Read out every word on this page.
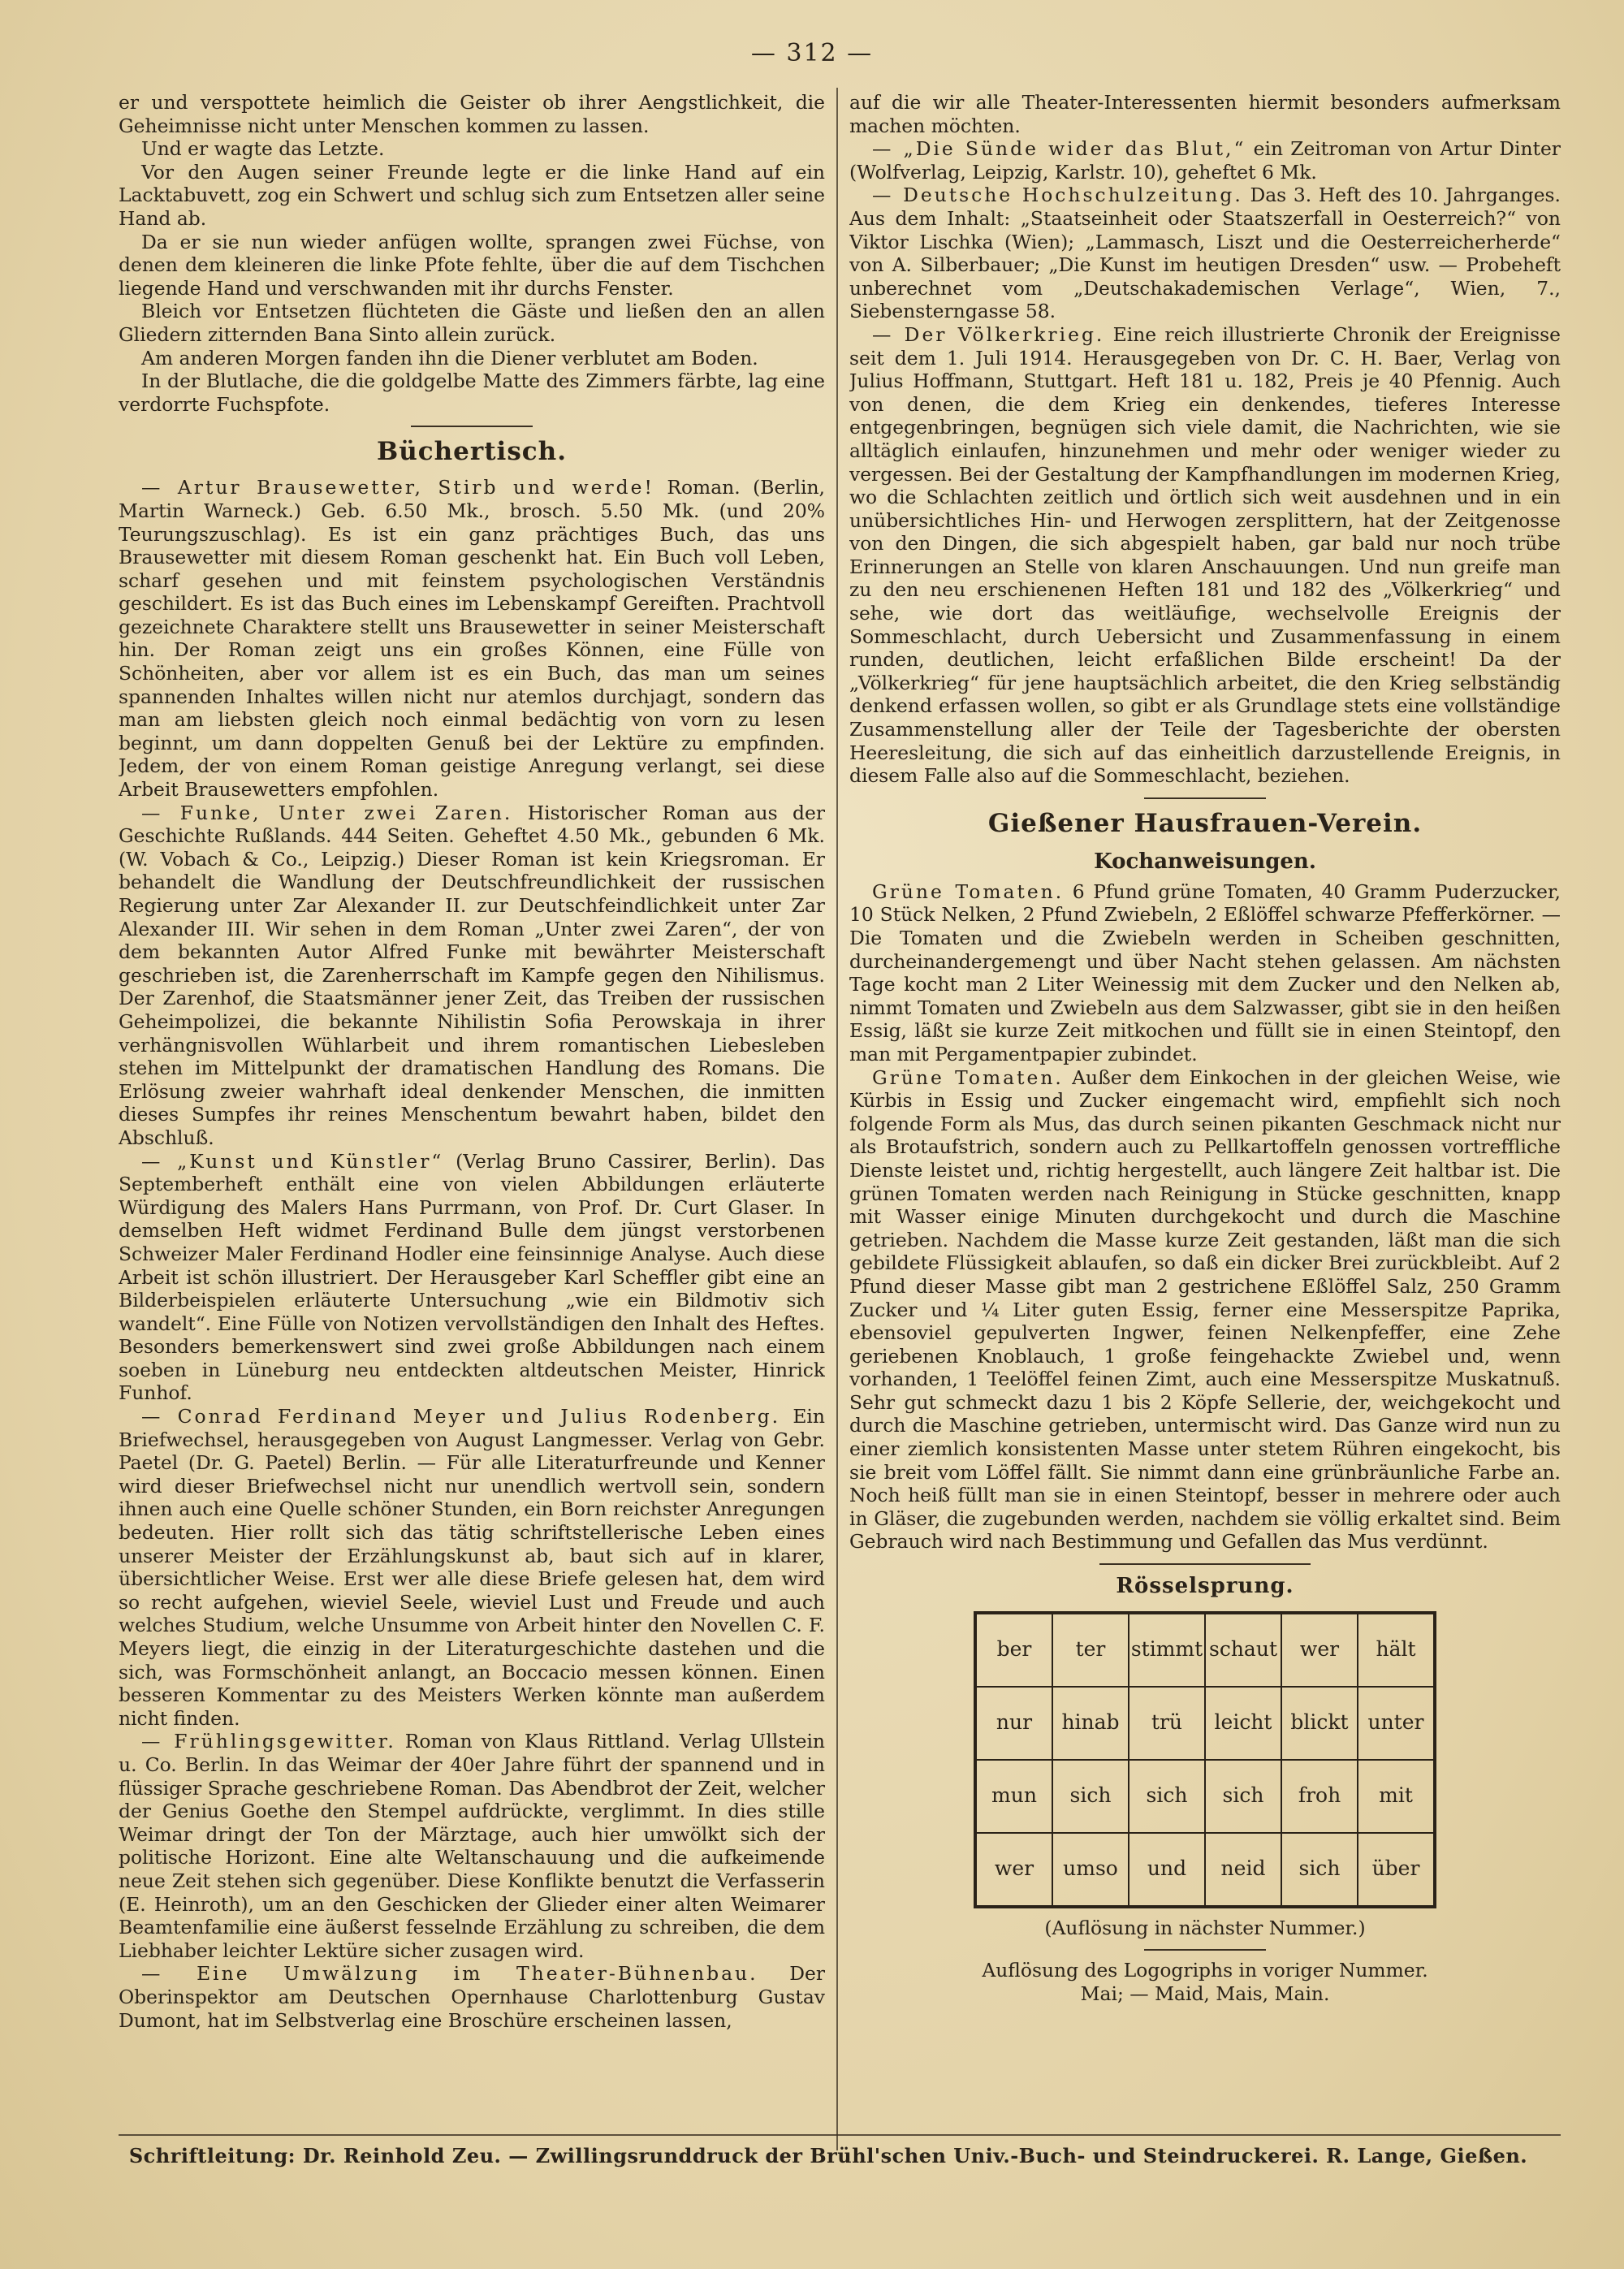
— 312 —

er und verspottete heimlich die Geister ob ihrer Aengstlichkeit, die Geheimnisse nicht unter Menschen kommen zu lassen.

Und er wagte das Letzte.

Vor den Augen seiner Freunde legte er die linke Hand auf ein Lacktabuvett, zog ein Schwert und schlug sich zum Entsetzen aller seine Hand ab.

Da er sie nun wieder anfügen wollte, sprangen zwei Füchse, von denen dem kleineren die linke Pfote fehlte, über die auf dem Tischchen liegende Hand und verschwanden mit ihr durchs Fenster.

Bleich vor Entsetzen flüchteten die Gäste und ließen den an allen Gliedern zitternden Bana Sinto allein zurück.

Am anderen Morgen fanden ihn die Diener verblutet am Boden.

In der Blutlache, die die goldgelbe Matte des Zimmers färbte, lag eine verdorrte Fuchspfote.

Büchertisch.

— Artur Brausewetter, Stirb und werde! Roman. (Berlin, Martin Warneck.) Geb. 6.50 Mk., brosch. 5.50 Mk. (und 20% Teurungszuschlag). Es ist ein ganz prächtiges Buch, das uns Brausewetter mit diesem Roman geschenkt hat. Ein Buch voll Leben, scharf gesehen und mit feinstem psychologischen Verständnis geschildert. Es ist das Buch eines im Lebenskampf Gereiften. Prachtvoll gezeichnete Charaktere stellt uns Brausewetter in seiner Meisterschaft hin. Der Roman zeigt uns ein großes Können, eine Fülle von Schönheiten, aber vor allem ist es ein Buch, das man um seines spannenden Inhaltes willen nicht nur atemlos durchjagt, sondern das man am liebsten gleich noch einmal bedächtig von vorn zu lesen beginnt, um dann doppelten Genuß bei der Lektüre zu empfinden. Jedem, der von einem Roman geistige Anregung verlangt, sei diese Arbeit Brausewetters empfohlen.

— Funke, Unter zwei Zaren. Historischer Roman aus der Geschichte Rußlands. 444 Seiten. Geheftet 4.50 Mk., gebunden 6 Mk. (W. Vobach & Co., Leipzig.) Dieser Roman ist kein Kriegsroman. Er behandelt die Wandlung der Deutschfreundlichkeit der russischen Regierung unter Zar Alexander II. zur Deutschfeindlichkeit unter Zar Alexander III. Wir sehen in dem Roman „Unter zwei Zaren“, der von dem bekannten Autor Alfred Funke mit bewährter Meisterschaft geschrieben ist, die Zarenherrschaft im Kampfe gegen den Nihilismus. Der Zarenhof, die Staatsmänner jener Zeit, das Treiben der russischen Geheimpolizei, die bekannte Nihilistin Sofia Perowskaja in ihrer verhängnisvollen Wühlarbeit und ihrem romantischen Liebesleben stehen im Mittelpunkt der dramatischen Handlung des Romans. Die Erlösung zweier wahrhaft ideal denkender Menschen, die inmitten dieses Sumpfes ihr reines Menschentum bewahrt haben, bildet den Abschluß.

— „Kunst und Künstler“ (Verlag Bruno Cassirer, Berlin). Das Septemberheft enthält eine von vielen Abbildungen erläuterte Würdigung des Malers Hans Purrmann, von Prof. Dr. Curt Glaser. In demselben Heft widmet Ferdinand Bulle dem jüngst verstorbenen Schweizer Maler Ferdinand Hodler eine feinsinnige Analyse. Auch diese Arbeit ist schön illustriert. Der Herausgeber Karl Scheffler gibt eine an Bilderbeispielen erläuterte Untersuchung „wie ein Bildmotiv sich wandelt“. Eine Fülle von Notizen vervollständigen den Inhalt des Heftes. Besonders bemerkenswert sind zwei große Abbildungen nach einem soeben in Lüneburg neu entdeckten altdeutschen Meister, Hinrick Funhof.

— Conrad Ferdinand Meyer und Julius Rodenberg. Ein Briefwechsel, herausgegeben von August Langmesser. Verlag von Gebr. Paetel (Dr. G. Paetel) Berlin. — Für alle Literaturfreunde und Kenner wird dieser Briefwechsel nicht nur unendlich wertvoll sein, sondern ihnen auch eine Quelle schöner Stunden, ein Born reichster Anregungen bedeuten. Hier rollt sich das tätig schriftstellerische Leben eines unserer Meister der Erzählungskunst ab, baut sich auf in klarer, übersichtlicher Weise. Erst wer alle diese Briefe gelesen hat, dem wird so recht aufgehen, wieviel Seele, wieviel Lust und Freude und auch welches Studium, welche Unsumme von Arbeit hinter den Novellen C. F. Meyers liegt, die einzig in der Literaturgeschichte dastehen und die sich, was Formschönheit anlangt, an Boccacio messen können. Einen besseren Kommentar zu des Meisters Werken könnte man außerdem nicht finden.

— Frühlingsgewitter. Roman von Klaus Rittland. Verlag Ullstein u. Co. Berlin. In das Weimar der 40er Jahre führt der spannend und in flüssiger Sprache geschriebene Roman. Das Abendbrot der Zeit, welcher der Genius Goethe den Stempel aufdrückte, verglimmt. In dies stille Weimar dringt der Ton der Märztage, auch hier umwölkt sich der politische Horizont. Eine alte Weltanschauung und die aufkeimende neue Zeit stehen sich gegenüber. Diese Konflikte benutzt die Verfasserin (E. Heinroth), um an den Geschicken der Glieder einer alten Weimarer Beamtenfamilie eine äußerst fesselnde Erzählung zu schreiben, die dem Liebhaber leichter Lektüre sicher zusagen wird.

— Eine Umwälzung im Theater-Bühnenbau. Der Oberinspektor am Deutschen Opernhause Charlottenburg Gustav Dumont, hat im Selbstverlag eine Broschüre erscheinen lassen,

auf die wir alle Theater-Interessenten hiermit besonders aufmerksam machen möchten.

— „Die Sünde wider das Blut,“ ein Zeitroman von Artur Dinter (Wolfverlag, Leipzig, Karlstr. 10), geheftet 6 Mk.

— Deutsche Hochschulzeitung. Das 3. Heft des 10. Jahrganges. Aus dem Inhalt: „Staatseinheit oder Staatszerfall in Oesterreich?“ von Viktor Lischka (Wien); „Lammasch, Liszt und die Oesterreicherherde“ von A. Silberbauer; „Die Kunst im heutigen Dresden“ usw. — Probeheft unberechnet vom „Deutschakademischen Verlage“, Wien, 7., Siebensterngasse 58.

— Der Völkerkrieg. Eine reich illustrierte Chronik der Ereignisse seit dem 1. Juli 1914. Herausgegeben von Dr. C. H. Baer, Verlag von Julius Hoffmann, Stuttgart. Heft 181 u. 182, Preis je 40 Pfennig. Auch von denen, die dem Krieg ein denkendes, tieferes Interesse entgegenbringen, begnügen sich viele damit, die Nachrichten, wie sie alltäglich einlaufen, hinzunehmen und mehr oder weniger wieder zu vergessen. Bei der Gestaltung der Kampfhandlungen im modernen Krieg, wo die Schlachten zeitlich und örtlich sich weit ausdehnen und in ein unübersichtliches Hin- und Herwogen zersplittern, hat der Zeitgenosse von den Dingen, die sich abgespielt haben, gar bald nur noch trübe Erinnerungen an Stelle von klaren Anschauungen. Und nun greife man zu den neu erschienenen Heften 181 und 182 des „Völkerkrieg“ und sehe, wie dort das weitläufige, wechselvolle Ereignis der Sommeschlacht, durch Uebersicht und Zusammenfassung in einem runden, deutlichen, leicht erfaßlichen Bilde erscheint! Da der „Völkerkrieg“ für jene hauptsächlich arbeitet, die den Krieg selbständig denkend erfassen wollen, so gibt er als Grundlage stets eine vollständige Zusammenstellung aller der Teile der Tagesberichte der obersten Heeresleitung, die sich auf das einheitlich darzustellende Ereignis, in diesem Falle also auf die Sommeschlacht, beziehen.

Gießener Hausfrauen-Verein.
Kochanweisungen.

Grüne Tomaten. 6 Pfund grüne Tomaten, 40 Gramm Puderzucker, 10 Stück Nelken, 2 Pfund Zwiebeln, 2 Eßlöffel schwarze Pfefferkörner. — Die Tomaten und die Zwiebeln werden in Scheiben geschnitten, durcheinandergemengt und über Nacht stehen gelassen. Am nächsten Tage kocht man 2 Liter Weinessig mit dem Zucker und den Nelken ab, nimmt Tomaten und Zwiebeln aus dem Salzwasser, gibt sie in den heißen Essig, läßt sie kurze Zeit mitkochen und füllt sie in einen Steintopf, den man mit Pergamentpapier zubindet.

Grüne Tomaten. Außer dem Einkochen in der gleichen Weise, wie Kürbis in Essig und Zucker eingemacht wird, empfiehlt sich noch folgende Form als Mus, das durch seinen pikanten Geschmack nicht nur als Brotaufstrich, sondern auch zu Pellkartoffeln genossen vortreffliche Dienste leistet und, richtig hergestellt, auch längere Zeit haltbar ist. Die grünen Tomaten werden nach Reinigung in Stücke geschnitten, knapp mit Wasser einige Minuten durchgekocht und durch die Maschine getrieben. Nachdem die Masse kurze Zeit gestanden, läßt man die sich gebildete Flüssigkeit ablaufen, so daß ein dicker Brei zurückbleibt. Auf 2 Pfund dieser Masse gibt man 2 gestrichene Eßlöffel Salz, 250 Gramm Zucker und ¼ Liter guten Essig, ferner eine Messerspitze Paprika, ebensoviel gepulverten Ingwer, feinen Nelkenpfeffer, eine Zehe geriebenen Knoblauch, 1 große feingehackte Zwiebel und, wenn vorhanden, 1 Teelöffel feinen Zimt, auch eine Messerspitze Muskatnuß. Sehr gut schmeckt dazu 1 bis 2 Köpfe Sellerie, der, weichgekocht und durch die Maschine getrieben, untermischt wird. Das Ganze wird nun zu einer ziemlich konsistenten Masse unter stetem Rühren eingekocht, bis sie breit vom Löffel fällt. Sie nimmt dann eine grünbräunliche Farbe an. Noch heiß füllt man sie in einen Steintopf, besser in mehrere oder auch in Gläser, die zugebunden werden, nachdem sie völlig erkaltet sind. Beim Gebrauch wird nach Bestimmung und Gefallen das Mus verdünnt.

Rösselsprung.
ber	ter	stimmt	schaut	wer	hält
nur	hinab	trü	leicht	blickt	unter
mun	sich	sich	sich	froh	mit
wer	umso	und	neid	sich	über

(Auflösung in nächster Nummer.)

Auflösung des Logogriphs in voriger Nummer.

Mai; — Maid, Mais, Main.

Schriftleitung: Dr. Reinhold Zeu. — Zwillingsrunddruck der Brühl'schen Univ.-Buch- und Steindruckerei. R. Lange, Gießen.
